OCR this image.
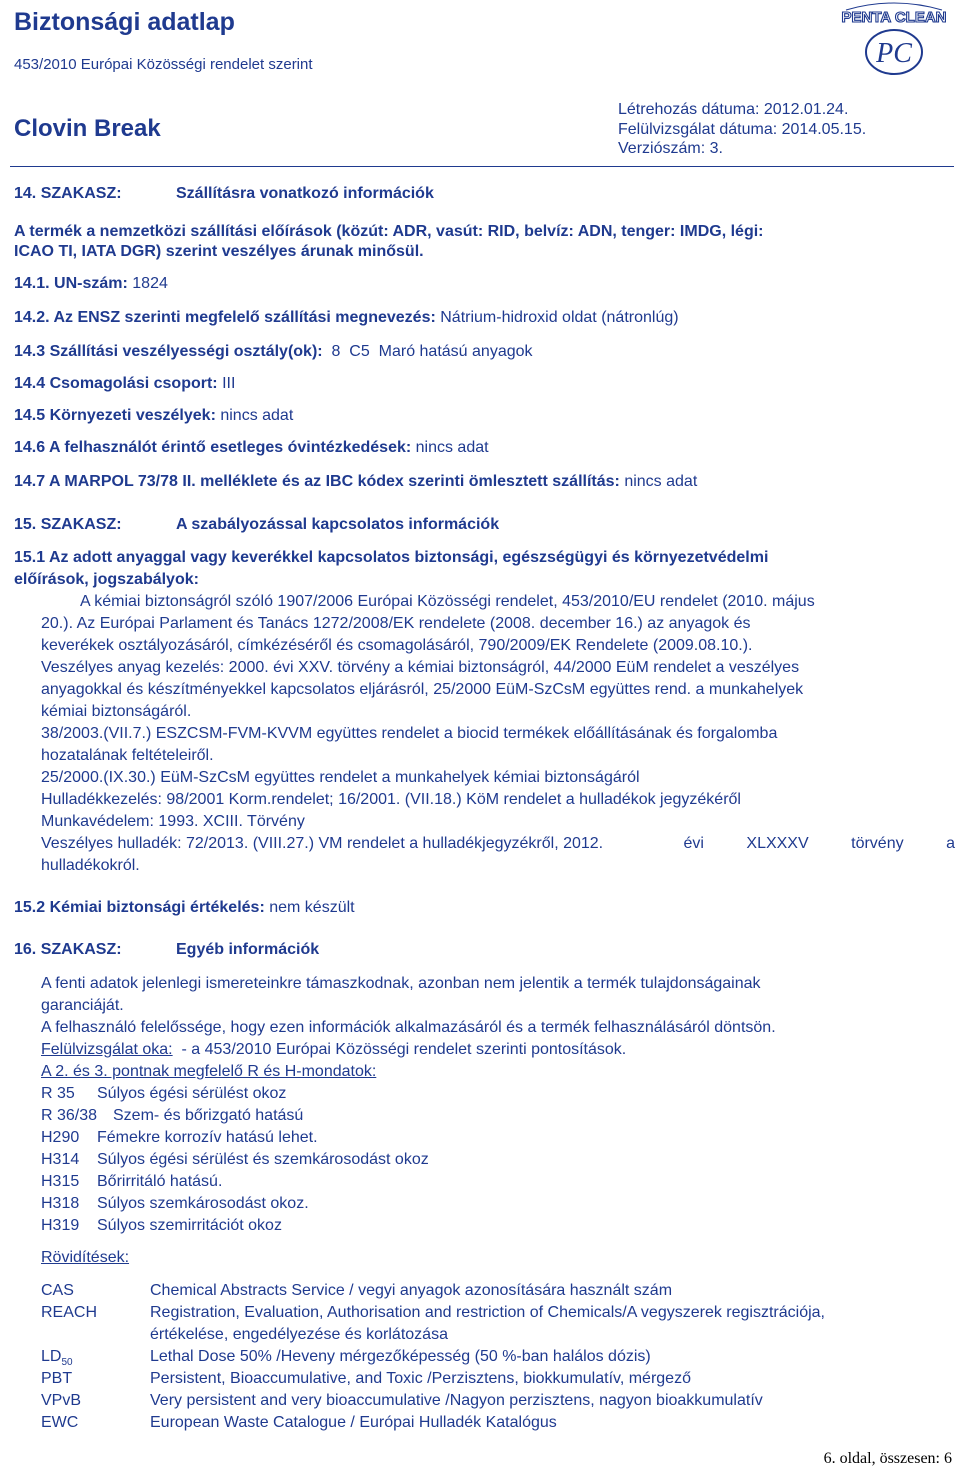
Biztonsági adatlap
453/2010 Európai Közösségi rendelet szerint
Clovin Break
Létrehozás dátuma: 2012.01.24.
Felülvizsgálat dátuma: 2014.05.15.
Verziószám: 3.
PENTA CLEAN
PC
14. SZAKASZ:	Szállításra vonatkozó információk
A termék a nemzetközi szállítási előírások (közút: ADR, vasút: RID, belvíz: ADN, tenger: IMDG, légi:
ICAO TI, IATA DGR) szerint veszélyes árunak minősül.
14.1. UN-szám: 1824
14.2. Az ENSZ szerinti megfelelő szállítási megnevezés: Nátrium-hidroxid oldat (nátronlúg)
14.3 Szállítási veszélyességi osztály(ok):  8  C5  Maró hatású anyagok
14.4 Csomagolási csoport: III
14.5 Környezeti veszélyek: nincs adat
14.6 A felhasználót érintő esetleges óvintézkedések: nincs adat
14.7 A MARPOL 73/78 II. melléklete és az IBC kódex szerinti ömlesztett szállítás: nincs adat
15. SZAKASZ:	A szabályozással kapcsolatos információk
15.1 Az adott anyaggal vagy keverékkel kapcsolatos biztonsági, egészségügyi és környezetvédelmi
előírások, jogszabályok:
A kémiai biztonságról szóló 1907/2006 Európai Közösségi rendelet, 453/2010/EU rendelet (2010. május
20.). Az Európai Parlament és Tanács 1272/2008/EK rendelete (2008. december 16.) az anyagok és
keverékek osztályozásáról, címkézéséről és csomagolásáról, 790/2009/EK Rendelete (2009.08.10.).
Veszélyes anyag kezelés: 2000. évi XXV. törvény a kémiai biztonságról, 44/2000 EüM rendelet a veszélyes
anyagokkal és készítményekkel kapcsolatos eljárásról, 25/2000 EüM-SzCsM együttes rend. a munkahelyek
kémiai biztonságáról.
38/2003.(VII.7.) ESZCSM-FVM-KVVM együttes rendelet a biocid termékek előállításának és forgalomba
hozatalának feltételeiről.
25/2000.(IX.30.) EüM-SzCsM együttes rendelet a munkahelyek kémiai biztonságáról
Hulladékkezelés: 98/2001 Korm.rendelet; 16/2001. (VII.18.) KöM rendelet a hulladékok jegyzékéről
Munkavédelem: 1993. XCIII. Törvény
Veszélyes hulladék: 72/2013. (VIII.27.) VM rendelet a hulladékjegyzékről, 2012.	évi	XLXXXV	törvény	a
hulladékokról.
15.2 Kémiai biztonsági értékelés: nem készült
16. SZAKASZ:	Egyéb információk
A fenti adatok jelenlegi ismereteinkre támaszkodnak, azonban nem jelentik a termék tulajdonságainak
garanciáját.
A felhasználó felelőssége, hogy ezen információk alkalmazásáról és a termék felhasználásáról döntsön.
Felülvizsgálat oka:  - a 453/2010 Európai Közösségi rendelet szerinti pontosítások.
A 2. és 3. pontnak megfelelő R és H-mondatok:
R 35 Súlyos égési sérülést okoz
R 36/38 Szem- és bőrizgató hatású
H290 Fémekre korrozív hatású lehet.
H314 Súlyos égési sérülést és szemkárosodást okoz
H315 Bőrirritáló hatású.
H318 Súlyos szemkárosodást okoz.
H319 Súlyos szemirritációt okoz
Rövidítések:
CAS	Chemical Abstracts Service / vegyi anyagok azonosítására használt szám
REACH	Registration, Evaluation, Authorisation and restriction of Chemicals/A vegyszerek regisztrációja,
értékelése, engedélyezése és korlátozása
$LD_{50}$	Lethal Dose 50% /Heveny mérgezőképesség (50 %-ban halálos dózis)
PBT	Persistent, Bioaccumulative, and Toxic /Perzisztens, biokkumulatív, mérgező
VPvB	Very persistent and very bioaccumulative /Nagyon perzisztens, nagyon bioakkumulatív
EWC	European Waste Catalogue / Európai Hulladék Katalógus
6. oldal, összesen: 6
